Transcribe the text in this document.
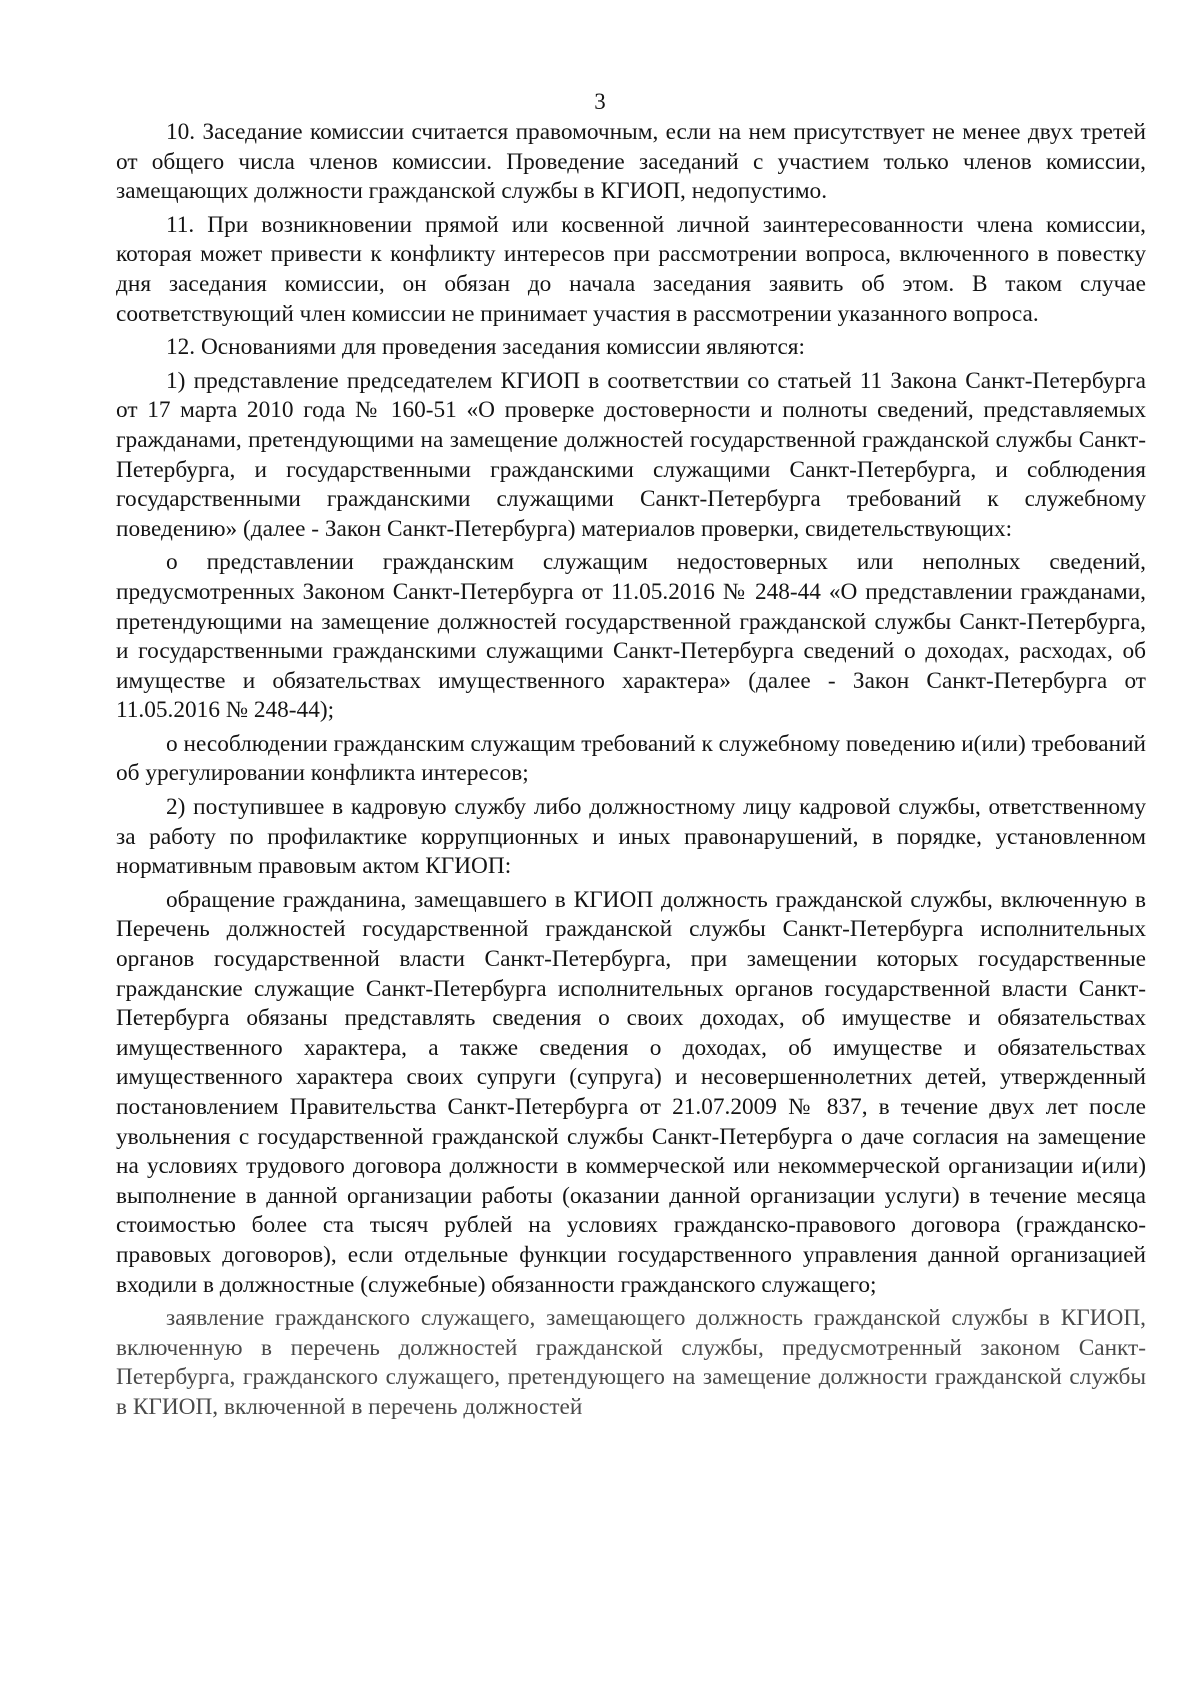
3

10. Заседание комиссии считается правомочным, если на нем присутствует не менее двух третей от общего числа членов комиссии. Проведение заседаний с участием только членов комиссии, замещающих должности гражданской службы в КГИОП, недопустимо.

11. При возникновении прямой или косвенной личной заинтересованности члена комиссии, которая может привести к конфликту интересов при рассмотрении вопроса, включенного в повестку дня заседания комиссии, он обязан до начала заседания заявить об этом. В таком случае соответствующий член комиссии не принимает участия в рассмотрении указанного вопроса.

12. Основаниями для проведения заседания комиссии являются:

1) представление председателем КГИОП в соответствии со статьей 11 Закона Санкт-Петербурга от 17 марта 2010 года № 160-51 «О проверке достоверности и полноты сведений, представляемых гражданами, претендующими на замещение должностей государственной гражданской службы Санкт-Петербурга, и государственными гражданскими служащими Санкт-Петербурга, и соблюдения государственными гражданскими служащими Санкт-Петербурга требований к служебному поведению» (далее - Закон Санкт-Петербурга) материалов проверки, свидетельствующих:

о представлении гражданским служащим недостоверных или неполных сведений, предусмотренных Законом Санкт-Петербурга от 11.05.2016 № 248-44 «О представлении гражданами, претендующими на замещение должностей государственной гражданской службы Санкт-Петербурга, и государственными гражданскими служащими Санкт-Петербурга сведений о доходах, расходах, об имуществе и обязательствах имущественного характера» (далее - Закон Санкт-Петербурга от 11.05.2016 № 248-44);

о несоблюдении гражданским служащим требований к служебному поведению и(или) требований об урегулировании конфликта интересов;

2) поступившее в кадровую службу либо должностному лицу кадровой службы, ответственному за работу по профилактике коррупционных и иных правонарушений, в порядке, установленном нормативным правовым актом КГИОП:

обращение гражданина, замещавшего в КГИОП должность гражданской службы, включенную в Перечень должностей государственной гражданской службы Санкт-Петербурга исполнительных органов государственной власти Санкт-Петербурга, при замещении которых государственные гражданские служащие Санкт-Петербурга исполнительных органов государственной власти Санкт-Петербурга обязаны представлять сведения о своих доходах, об имуществе и обязательствах имущественного характера, а также сведения о доходах, об имуществе и обязательствах имущественного характера своих супруги (супруга) и несовершеннолетних детей, утвержденный постановлением Правительства Санкт-Петербурга от 21.07.2009 № 837, в течение двух лет после увольнения с государственной гражданской службы Санкт-Петербурга о даче согласия на замещение на условиях трудового договора должности в коммерческой или некоммерческой организации и(или) выполнение в данной организации работы (оказании данной организации услуги) в течение месяца стоимостью более ста тысяч рублей на условиях гражданско-правового договора (гражданско-правовых договоров), если отдельные функции государственного управления данной организацией входили в должностные (служебные) обязанности гражданского служащего;

заявление гражданского служащего, замещающего должность гражданской службы в КГИОП, включенную в перечень должностей гражданской службы, предусмотренный законом Санкт-Петербурга, гражданского служащего, претендующего на замещение должности гражданской службы в КГИОП, включенной в перечень должностей
